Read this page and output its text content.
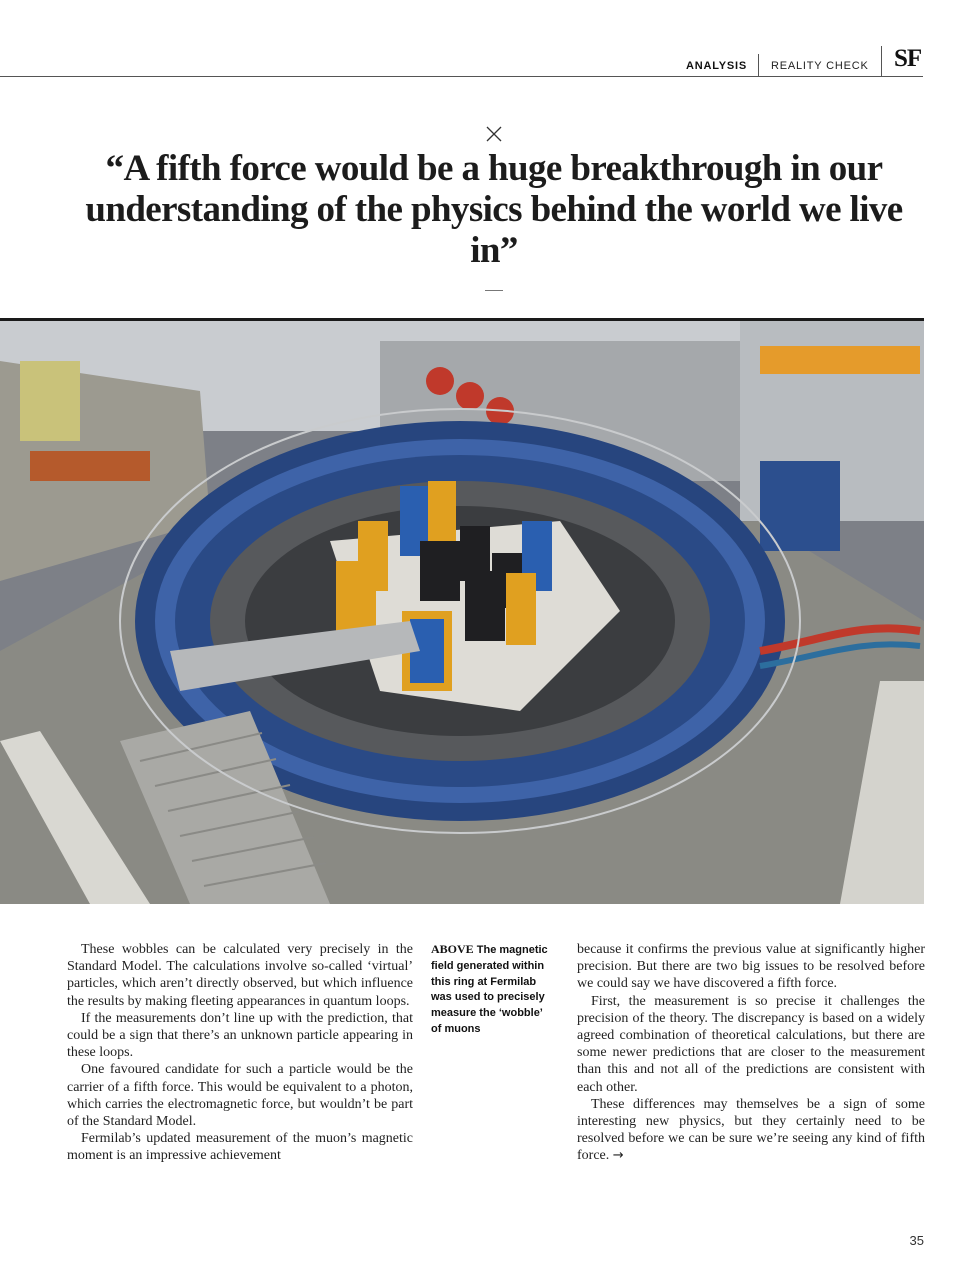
ANALYSIS REALITY CHECK SF

“A fifth force would be a huge breakthrough in our understanding of the physics behind the world we live in”

These wobbles can be calculated very precisely in the Standard Model. The calculations involve so-called ‘virtual’ particles, which aren’t directly observed, but which influence the results by making fleeting appearances in quantum loops.

If the measurements don’t line up with the prediction, that could be a sign that there’s an unknown particle appearing in these loops.

One favoured candidate for such a particle would be the carrier of a fifth force. This would be equivalent to a photon, which carries the electromagnetic force, but wouldn’t be part of the Standard Model.

Fermilab’s updated measurement of the muon’s magnetic moment is an impressive achievement

ABOVE The magnetic field generated within this ring at Fermilab was used to precisely measure the ‘wobble’ of muons

because it confirms the previous value at significantly higher precision. But there are two big issues to be resolved before we could say we have discovered a fifth force.

First, the measurement is so precise it challenges the precision of the theory. The discrepancy is based on a widely agreed combination of theoretical calculations, but there are some newer predictions that are closer to the measurement than this and not all of the predictions are consistent with each other.

These differences may themselves be a sign of some interesting new physics, but they certainly need to be resolved before we can be sure we’re seeing any kind of fifth force. →

35
